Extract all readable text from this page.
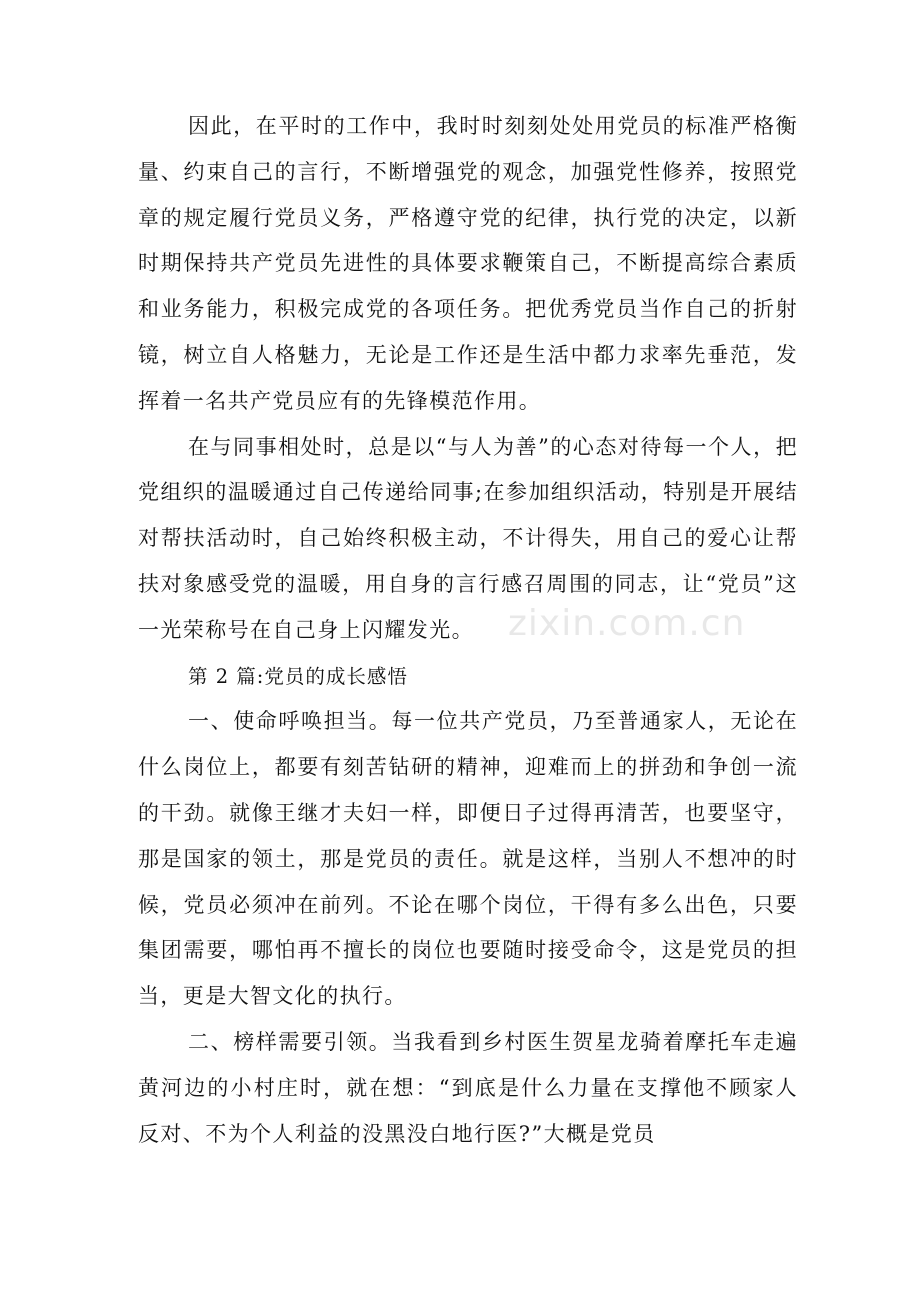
因此，在平时的工作中，我时时刻刻处处用党员的标准严格衡量、约束自己的言行，不断增强党的观念，加强党性修养，按照党章的规定履行党员义务，严格遵守党的纪律，执行党的决定，以新时期保持共产党员先进性的具体要求鞭策自己，不断提高综合素质和业务能力，积极完成党的各项任务。把优秀党员当作自己的折射镜，树立自人格魅力，无论是工作还是生活中都力求率先垂范，发挥着一名共产党员应有的先锋模范作用。

在与同事相处时，总是以“与人为善”的心态对待每一个人，把党组织的温暖通过自己传递给同事;在参加组织活动，特别是开展结对帮扶活动时，自己始终积极主动，不计得失，用自己的爱心让帮扶对象感受党的温暖，用自身的言行感召周围的同志，让“党员”这一光荣称号在自己身上闪耀发光。

第 2 篇:党员的成长感悟

一、使命呼唤担当。每一位共产党员，乃至普通家人，无论在什么岗位上，都要有刻苦钻研的精神，迎难而上的拼劲和争创一流的干劲。就像王继才夫妇一样，即便日子过得再清苦，也要坚守，那是国家的领土，那是党员的责任。就是这样，当别人不想冲的时候，党员必须冲在前列。不论在哪个岗位，干得有多么出色，只要集团需要，哪怕再不擅长的岗位也要随时接受命令，这是党员的担当，更是大智文化的执行。

二、榜样需要引领。当我看到乡村医生贺星龙骑着摩托车走遍黄河边的小村庄时，就在想：“到底是什么力量在支撑他不顾家人反对、不为个人利益的没黑没白地行医?”大概是党员

zixin.com.cn
